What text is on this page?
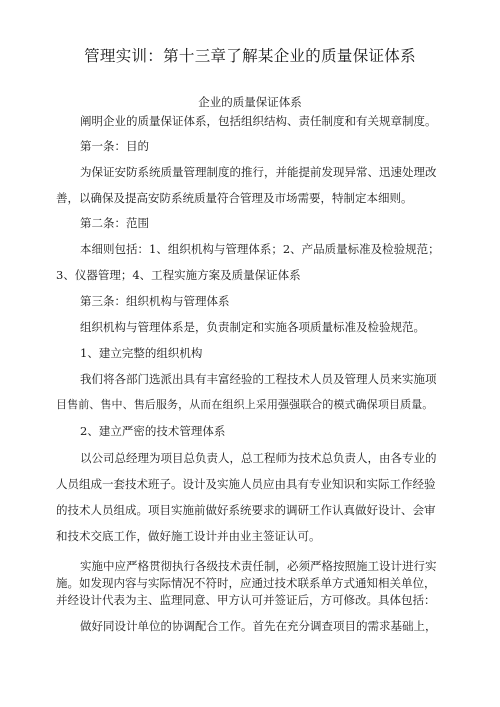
管理实训：第十三章了解某企业的质量保证体系
企业的质量保证体系
阐明企业的质量保证体系，包括组织结构、责任制度和有关规章制度。
第一条：目的
为保证安防系统质量管理制度的推行，并能提前发现异常、迅速处理改
善，以确保及提高安防系统质量符合管理及市场需要，特制定本细则。
第二条：范围
本细则包括：1、组织机构与管理体系；2、产品质量标准及检验规范；
3、仪器管理；4、工程实施方案及质量保证体系
第三条：组织机构与管理体系
组织机构与管理体系是，负责制定和实施各项质量标准及检验规范。
1、建立完整的组织机构
我们将各部门选派出具有丰富经验的工程技术人员及管理人员来实施项
目售前、售中、售后服务，从而在组织上采用强强联合的模式确保项目质量。
2、建立严密的技术管理体系
以公司总经理为项目总负责人，总工程师为技术总负责人，由各专业的
人员组成一套技术班子。设计及实施人员应由具有专业知识和实际工作经验
的技术人员组成。项目实施前做好系统要求的调研工作认真做好设计、会审
和技术交底工作，做好施工设计并由业主签证认可。
实施中应严格贯彻执行各级技术责任制，必须严格按照施工设计进行实
施。如发现内容与实际情况不符时，应通过技术联系单方式通知相关单位，
并经设计代表为主、监理同意、甲方认可并签证后，方可修改。具体包括：
做好同设计单位的协调配合工作。首先在充分调查项目的需求基础上，
